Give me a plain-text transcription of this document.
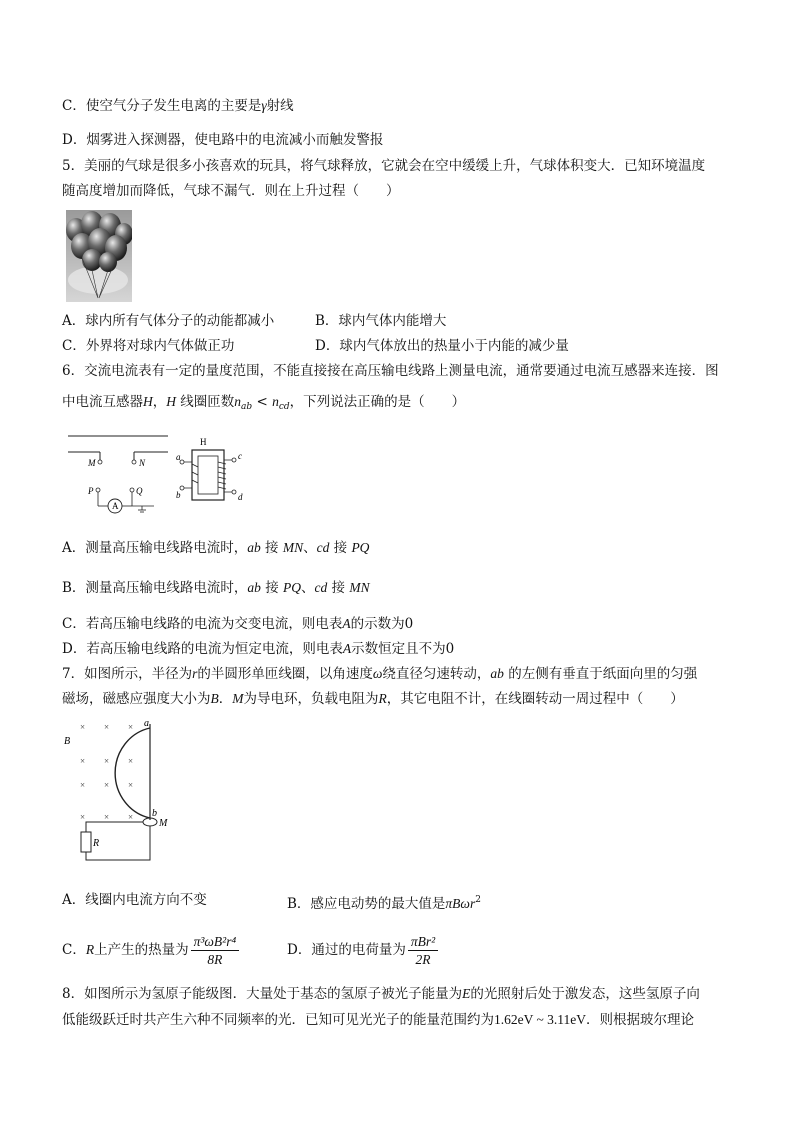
C．使空气分子发生电离的主要是γ射线
D．烟雾进入探测器，使电路中的电流减小而触发警报
5．美丽的气球是很多小孩喜欢的玩具，将气球释放，它就会在空中缓缓上升，气球体积变大．已知环境温度
随高度增加而降低，气球不漏气．则在上升过程（　　）
A．球内所有气体分子的动能都减小	B．球内气体内能增大
C．外界将对球内气体做正功	D．球内气体放出的热量小于内能的减少量
6．交流电流表有一定的量度范围，不能直接接在高压输电线路上测量电流，通常要通过电流互感器来连接．图
中电流互感器H，H 线圈匝数$n_{ab} < n_{cd}$，下列说法正确的是（　　）
M	N
P	Q
A
H
a
b
c
d
A．测量高压输电线路电流时，ab 接 MN、cd 接 PQ
B．测量高压输电线路电流时，ab 接 PQ、cd 接 MN
C．若高压输电线路的电流为交变电流，则电表A的示数为0
D．若高压输电线路的电流为恒定电流，则电表A示数恒定且不为0
7．如图所示，半径为r的半圆形单匝线圈，以角速度ω绕直径匀速转动，ab 的左侧有垂直于纸面向里的匀强
磁场，磁感应强度大小为B．M为导电环，负载电阻为R，其它电阻不计，在线圈转动一周过程中（　　）
B
× × ×
× × ×
× × ×
× × ×
a
b
M
R
A．线圈内电流方向不变	B．感应电动势的最大值是πBωr$^2$
C．R上产生的热量为 $\frac{\text{π³ωB²r⁴}}{8R}$	D．通过的电荷量为 $\frac{\text{πBr²}}{2R}$
8．如图所示为氢原子能级图．大量处于基态的氢原子被光子能量为E的光照射后处于激发态，这些氢原子向
低能级跃迁时共产生六种不同频率的光．已知可见光光子的能量范围约为1.62eV ~ 3.11eV．则根据玻尔理论
